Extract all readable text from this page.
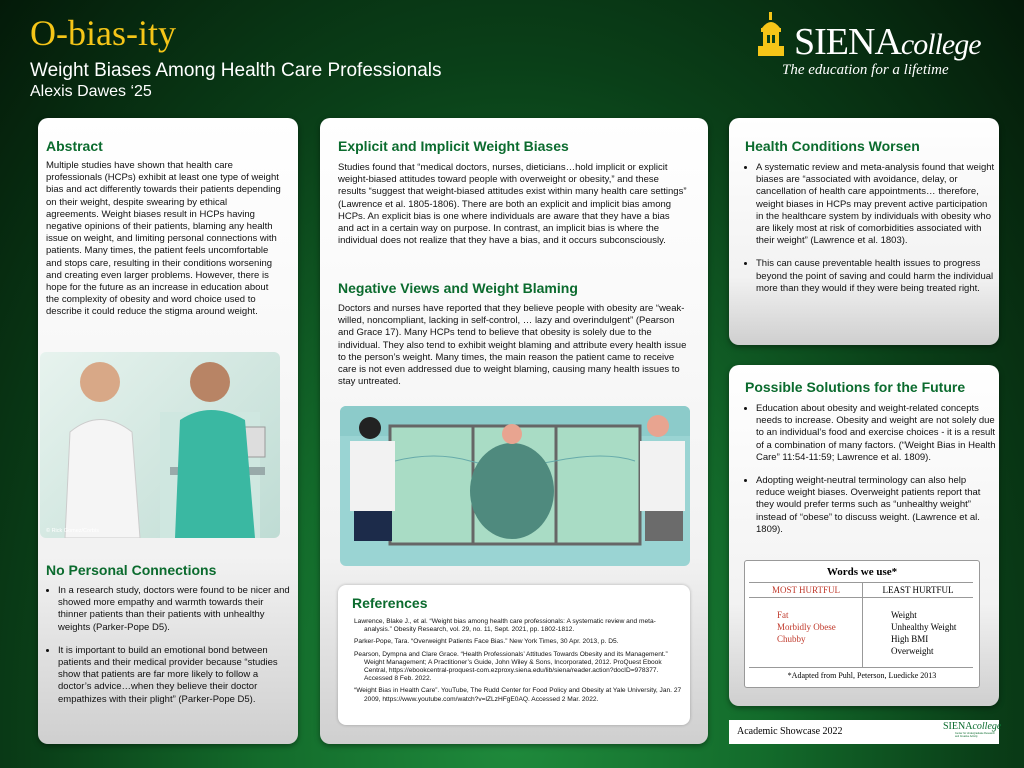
O-bias-ity
Weight Biases Among Health Care Professionals
Alexis Dawes ‘25
SIENAcollege
The education for a lifetime
Abstract

Multiple studies have shown that health care professionals (HCPs) exhibit at least one type of weight bias and act differently towards their patients depending on their weight, despite swearing by ethical agreements. Weight biases result in HCPs having negative opinions of their patients, blaming any health issue on weight, and limiting personal connections with patients. Many times, the patient feels uncomfortable and stops care, resulting in their conditions worsening and creating even larger problems. However, there is hope for the future as an increase in education about the complexity of obesity and word choice used to describe it could reduce the stigma around weight.

© Rick Gomez/Corbis
No Personal Connections
• In a research study, doctors were found to be nicer and showed more empathy and warmth towards their thinner patients than their patients with unhealthy weights (Parker-Pope D5).
• It is important to build an emotional bond between patients and their medical provider because “studies show that patients are far more likely to follow a doctor’s advice…when they believe their doctor empathizes with their plight” (Parker-Pope D5).
Explicit and Implicit Weight Biases

Studies found that “medical doctors, nurses, dieticians…hold implicit or explicit weight-biased attitudes toward people with overweight or obesity,” and these results “suggest that weight-biased attitudes exist within many health care settings” (Lawrence et al. 1805-1806). There are both an explicit and implicit bias among HCPs. An explicit bias is one where individuals are aware that they have a bias and act in a certain way on purpose. In contrast, an implicit bias is where the individual does not realize that they have a bias, and it occurs subconsciously.

Negative Views and Weight Blaming

Doctors and nurses have reported that they believe people with obesity are “weak-willed, noncompliant, lacking in self-control, … lazy and overindulgent” (Pearson and Grace 17). Many HCPs tend to believe that obesity is solely due to the individual. They also tend to exhibit weight blaming and attribute every health issue to the person’s weight. Many times, the main reason the patient came to receive care is not even addressed due to weight blaming, causing many health issues to stay untreated.

References

Lawrence, Blake J., et al. “Weight bias among health care professionals: A systematic review and meta-analysis.” Obesity Research, vol. 29, no. 11, Sept. 2021, pp. 1802-1812.

Parker-Pope, Tara. “Overweight Patients Face Bias.” New York Times, 30 Apr. 2013, p. D5.

Pearson, Dympna and Clare Grace. “Health Professionals’ Attitudes Towards Obesity and its Management.” Weight Management; A Practitioner’s Guide, John Wiley & Sons, Incorporated, 2012. ProQuest Ebook Central, https://ebookcentral-proquest-com.ezproxy.siena.edu/lib/siena/reader.action?docID=978377. Accessed 8 Feb. 2022.

“Weight Bias in Health Care”. YouTube, The Rudd Center for Food Policy and Obesity at Yale University, Jan. 27 2009, https://www.youtube.com/watch?v=lZLzHFgE0AQ. Accessed 2 Mar. 2022.

Health Conditions Worsen
• A systematic review and meta-analysis found that weight biases are “associated with avoidance, delay, or cancellation of health care appointments… therefore, weight biases in HCPs may prevent active participation in the healthcare system by individuals with obesity who are likely most at risk of comorbidities associated with their weight” (Lawrence et al. 1803).
• This can cause preventable health issues to progress beyond the point of saving and could harm the individual more than they would if they were being treated right.
Possible Solutions for the Future
• Education about obesity and weight-related concepts needs to increase. Obesity and weight are not solely due to an individual’s food and exercise choices - it is a result of a combination of many factors. (“Weight Bias in Health Care” 11:54-11:59; Lawrence et al. 1809).
• Adopting weight-neutral terminology can also help reduce weight biases. Overweight patients report that they would prefer terms such as “unhealthy weight” instead of “obese” to discuss weight. (Lawrence et al. 1809).
Words we use*
MOST HURTFUL	LEAST HURTFUL
Fat
Morbidly Obese
Chubby
Weight
Unhealthy Weight
High BMI
Overweight
*Adapted from Puhl, Peterson, Luedicke 2013
Academic Showcase 2022	SIENAcollege
Center for Undergraduate Research and Creative Activity
